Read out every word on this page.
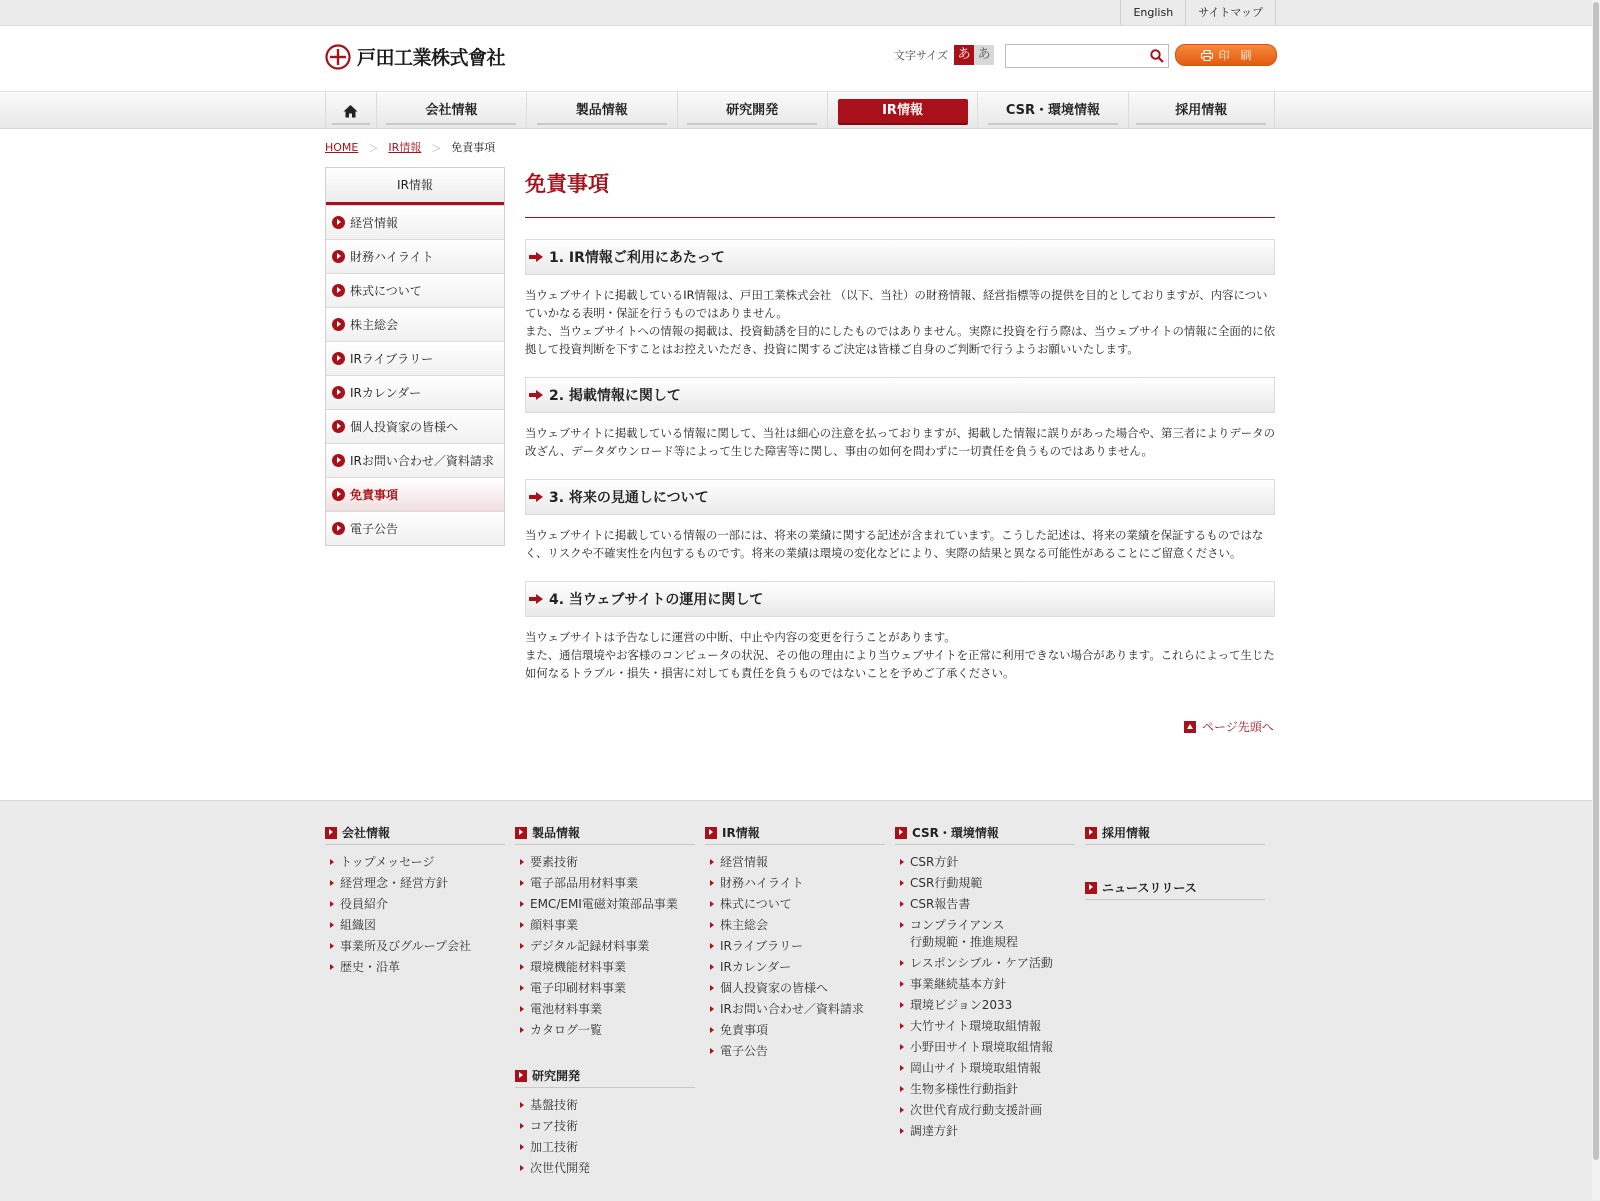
English	サイトマップ
戸田工業株式會社	文字サイズ あ あ	印　刷
会社情報	製品情報	研究開発	IR情報	CSR・環境情報	採用情報
HOME ＞ IR情報 ＞ 免責事項
IR情報
経営情報
財務ハイライト
株式について
株主総会
IRライブラリー
IRカレンダー
個人投資家の皆様へ
IRお問い合わせ／資料請求
免責事項
電子公告
免責事項
1. IR情報ご利用にあたって
当ウェブサイトに掲載しているIR情報は、戸田工業株式会社 （以下、当社）の財務情報、経営指標等の提供を目的としておりますが、内容についていかなる表明・保証を行うものではありません。
また、当ウェブサイトへの情報の掲載は、投資勧誘を目的にしたものではありません。実際に投資を行う際は、当ウェブサイトの情報に全面的に依拠して投資判断を下すことはお控えいただき、投資に関するご決定は皆様ご自身のご判断で行うようお願いいたします。
2. 掲載情報に関して
当ウェブサイトに掲載している情報に関して、当社は細心の注意を払っておりますが、掲載した情報に誤りがあった場合や、第三者によりデータの改ざん、データダウンロード等によって生じた障害等に関し、事由の如何を問わずに一切責任を負うものではありません。
3. 将来の見通しについて
当ウェブサイトに掲載している情報の一部には、将来の業績に関する記述が含まれています。こうした記述は、将来の業績を保証するものではなく、リスクや不確実性を内包するものです。将来の業績は環境の変化などにより、実際の結果と異なる可能性があることにご留意ください。
4. 当ウェブサイトの運用に関して
当ウェブサイトは予告なしに運営の中断、中止や内容の変更を行うことがあります。
また、通信環境やお客様のコンピュータの状況、その他の理由により当ウェブサイトを正常に利用できない場合があります。これらによって生じた如何なるトラブル・損失・損害に対しても責任を負うものではないことを予めご了承ください。
ページ先頭へ
会社情報
トップメッセージ
経営理念・経営方針
役員紹介
組織図
事業所及びグループ会社
歴史・沿革
製品情報
要素技術
電子部品用材料事業
EMC/EMI電磁対策部品事業
顔料事業
デジタル記録材料事業
環境機能材料事業
電子印刷材料事業
電池材料事業
カタログ一覧
研究開発
基盤技術
コア技術
加工技術
次世代開発
IR情報
経営情報
財務ハイライト
株式について
株主総会
IRライブラリー
IRカレンダー
個人投資家の皆様へ
IRお問い合わせ／資料請求
免責事項
電子公告
CSR・環境情報
CSR方針
CSR行動規範
CSR報告書
コンプライアンス
行動規範・推進規程
レスポンシブル・ケア活動
事業継続基本方針
環境ビジョン2033
大竹サイト環境取組情報
小野田サイト環境取組情報
岡山サイト環境取組情報
生物多様性行動指針
次世代育成行動支援計画
調達方針
採用情報
ニュースリリース
